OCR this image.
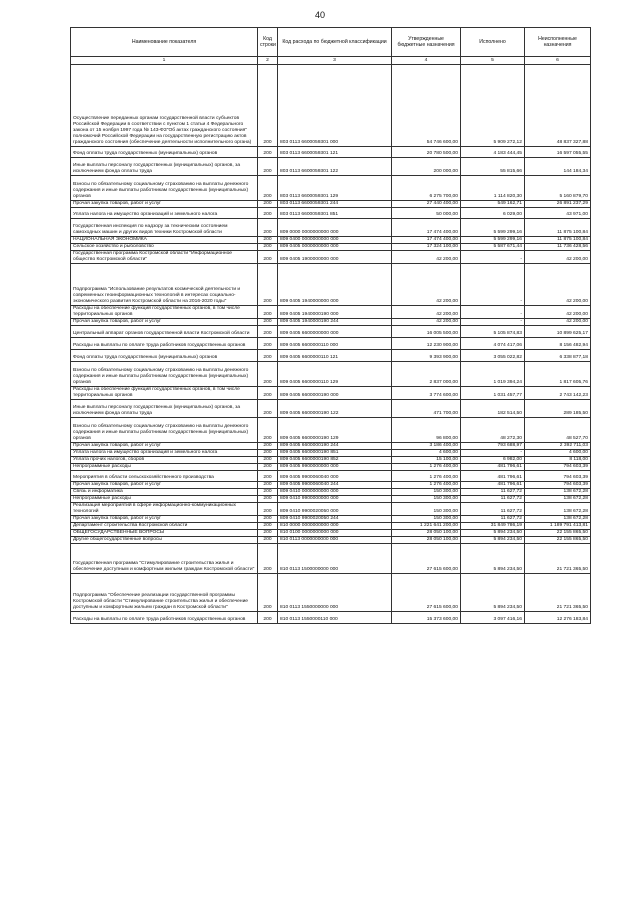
40
Наименование показателя	Код строки	Код расхода по бюджетной классификации	Утвержденные бюджетные назначения	Исполнено	Неисполненные назначения
1	2	3	4	5	6
Осуществление переданных органам государственной власти субъектов Российской Федерации в соответствии с пунктом 1 статьи 4 Федерального закона от 15 ноября 1997 года № 143-ФЗ"Об актах гражданского состояния" полномочий Российской Федерации на государственную регистрацию актов гражданского состояния (обеспечение деятельности исполнительного органа)	200	803 0113 6600059301 000	54 746 600,00	5 909 272,12	48 837 327,88
Фонд оплаты труда государственных (муниципальных) органов	200	803 0113 6600059301 121	20 780 500,00	4 183 444,45	16 597 055,55
Иные выплаты персоналу государственных (муниципальных) органов, за исключением фонда оплаты труда	200	803 0113 6600059301 122	200 000,00	55 815,66	144 184,34
Взносы по обязательному социальному страхованию на выплаты денежного содержания и иные выплаты работникам государственных (муниципальных) органов	200	803 0113 6600059301 129	6 275 700,00	1 114 820,30	5 160 879,70
Прочая закупка товаров, работ и услуг	200	803 0113 6600059301 244	27 440 400,00	549 162,71	26 891 237,29
Уплата налога на имущество организаций и земельного налога	200	803 0113 6600059301 851	50 000,00	6 029,00	43 971,00
Государственная инспекция по надзору за техническим состоянием самоходных машин и других видов техники Костромской области	200	809 0000 0000000000 000	17 474 400,00	5 599 299,16	11 875 100,84
НАЦИОНАЛЬНАЯ ЭКОНОМИКА	200	809 0400 0000000000 000	17 474 400,00	5 599 299,16	11 875 100,84
Сельское хозяйство и рыболовство	200	809 0405 0000000000 000	17 324 100,00	5 587 671,44	11 736 428,56
Государственная программа Костромской области "Информационное общество Костромской области"	200	809 0405 1900000000 000	42 200,00	-	42 200,00
Подпрограмма "Использование результатов космической деятельности и современных геоинформационных технологий в интересах социально-экономического развития Костромской области на 2016-2020 годы"	200	809 0405 1940000000 000	42 200,00	-	42 200,00
Расходы на обеспечение функций государственных органов, в том числе территориальных органов	200	809 0405 1940000190 000	42 200,00	-	42 200,00
Прочая закупка товаров, работ и услуг	200	809 0405 1940000190 244	42 200,00	-	42 200,00
Центральный аппарат органов государственной власти Костромской области	200	809 0405 6600000000 000	16 005 500,00	5 105 874,83	10 899 625,17
Расходы на выплаты по оплате труда работников государственных органов	200	809 0405 6600000110 000	12 230 900,00	4 074 417,06	8 156 482,94
Фонд оплаты труда государственных (муниципальных) органов	200	809 0405 6600000110 121	9 393 900,00	3 055 022,82	6 338 877,18
Взносы по обязательному социальному страхованию на выплаты денежного содержания и иные выплаты работникам государственных (муниципальных) органов	200	809 0405 6600000110 129	2 837 000,00	1 019 394,24	1 817 605,76
Расходы на обеспечение функций государственных органов, в том числе территориальных органов	200	809 0405 6600000190 000	3 774 600,00	1 031 457,77	2 743 142,23
Иные выплаты персоналу государственных (муниципальных) органов, за исключением фонда оплаты труда	200	809 0405 6600000190 122	471 700,00	182 514,50	289 185,50
Взносы по обязательному социальному страхованию на выплаты денежного содержания и иные выплаты работникам государственных (муниципальных) органов	200	809 0405 6600000190 129	96 800,00	48 272,30	48 527,70
Прочая закупка товаров, работ и услуг	200	809 0405 6600000190 244	3 186 400,00	793 688,97	2 392 711,03
Уплата налога на имущество организаций и земельного налога	200	809 0405 6600000190 851	4 600,00	-	4 600,00
Уплата прочих налогов, сборов	200	809 0405 6600000190 852	15 100,00	6 982,00	8 118,00
Непрограммные расходы	200	809 0405 9900000000 000	1 276 400,00	481 796,61	794 603,39
Мероприятия в области сельскохозяйственного производства	200	809 0405 9900060040 000	1 276 400,00	481 796,61	794 603,39
Прочая закупка товаров, работ и услуг	200	809 0405 9900060040 244	1 276 400,00	481 796,61	794 603,39
Связь и информатика	200	809 0410 0000000000 000	150 300,00	11 627,72	138 672,28
Непрограммные расходы	200	809 0410 9900000000 000	150 300,00	11 627,72	138 672,28
Реализация мероприятий в сфере информационно-коммуникационных технологий	200	809 0410 9900020050 000	150 300,00	11 627,72	138 672,28
Прочая закупка товаров, работ и услуг	200	809 0410 9900020050 244	150 300,00	11 627,72	138 672,28
Департамент строительства Костромской области	200	810 0000 0000000000 000	1 221 641 200,00	31 849 786,19	1 189 791 413,81
ОБЩЕГОСУДАРСТВЕННЫЕ ВОПРОСЫ	200	810 0100 0000000000 000	28 050 100,00	5 894 234,50	22 155 865,50
Другие общегосударственные вопросы	200	810 0113 0000000000 000	28 050 100,00	5 894 234,50	22 155 865,50
Государственная программа "Стимулирование строительства жилья и обеспечение доступным и комфортным жильем граждан Костромской области"	200	810 0113 1500000000 000	27 615 600,00	5 894 234,50	21 721 365,50
Подпрограмма "Обеспечение реализации государственной программы Костромской области "Стимулирование строительства жилья и обеспечение доступным и комфортным жильем граждан в Костромской области"	200	810 0113 1550000000 000	27 615 600,00	5 894 234,50	21 721 365,50
Расходы на выплаты по оплате труда работников государственных органов	200	810 0113 1550000110 000	15 373 600,00	3 097 416,16	12 276 183,84
